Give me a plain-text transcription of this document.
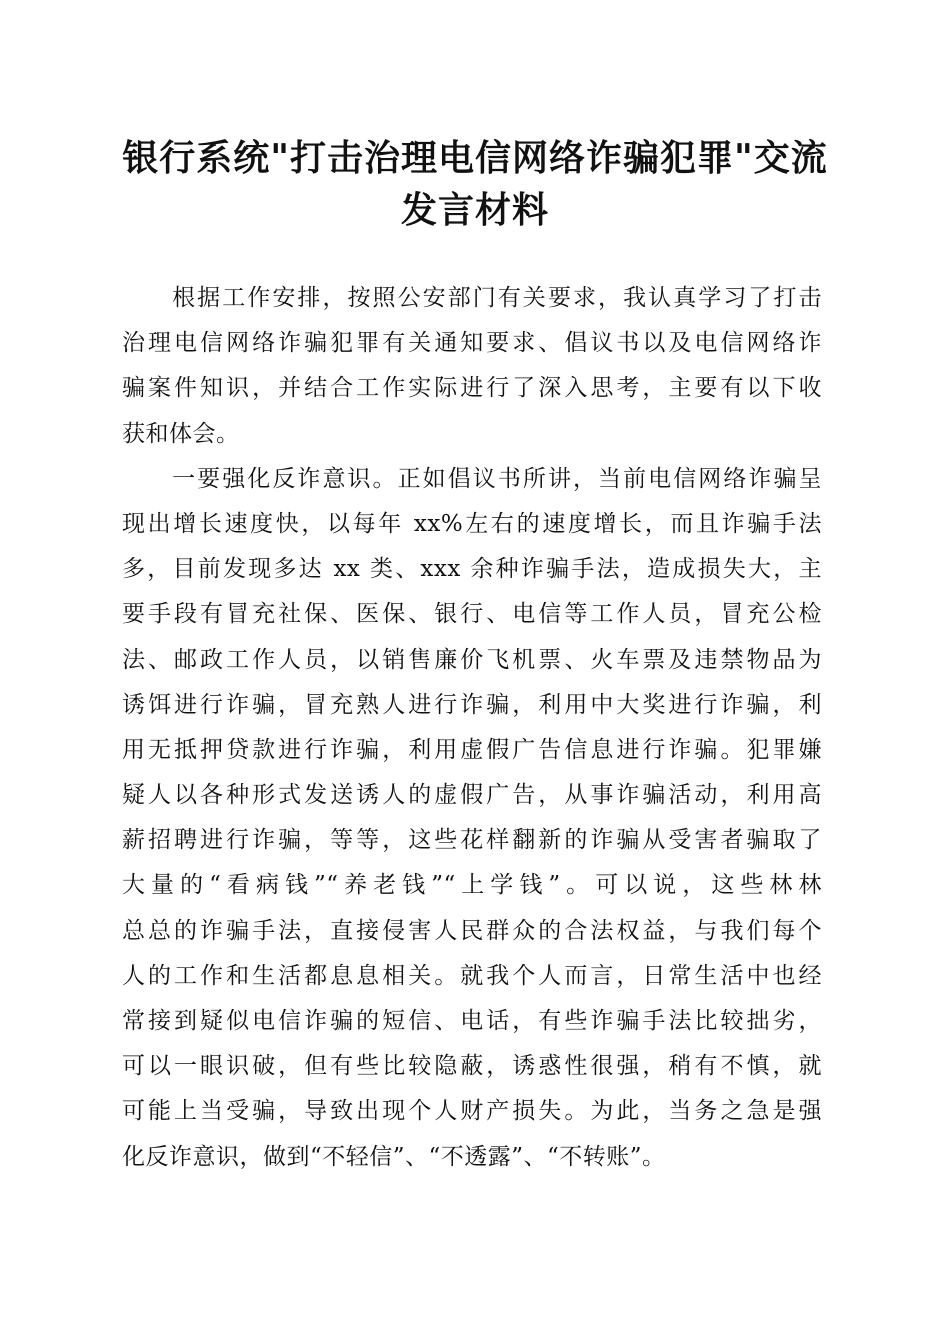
银行系统"打击治理电信网络诈骗犯罪"交流
发言材料
　　根据工作安排，按照公安部门有关要求，我认真学习了打击
治理电信网络诈骗犯罪有关通知要求、倡议书以及电信网络诈
骗案件知识，并结合工作实际进行了深入思考，主要有以下收
获和体会。
　　一要强化反诈意识。正如倡议书所讲，当前电信网络诈骗呈
现出增长速度快，以每年 xx%左右的速度增长，而且诈骗手法
多，目前发现多达 xx 类、xxx 余种诈骗手法，造成损失大，主
要手段有冒充社保、医保、银行、电信等工作人员，冒充公检
法、邮政工作人员，以销售廉价飞机票、火车票及违禁物品为
诱饵进行诈骗，冒充熟人进行诈骗，利用中大奖进行诈骗，利
用无抵押贷款进行诈骗，利用虚假广告信息进行诈骗。犯罪嫌
疑人以各种形式发送诱人的虚假广告，从事诈骗活动，利用高
薪招聘进行诈骗，等等，这些花样翻新的诈骗从受害者骗取了
大量的“看病钱”“养老钱”“上学钱”。可以说，这些林林
总总的诈骗手法，直接侵害人民群众的合法权益，与我们每个
人的工作和生活都息息相关。就我个人而言，日常生活中也经
常接到疑似电信诈骗的短信、电话，有些诈骗手法比较拙劣，
可以一眼识破，但有些比较隐蔽，诱惑性很强，稍有不慎，就
可能上当受骗，导致出现个人财产损失。为此，当务之急是强
化反诈意识，做到“不轻信”、“不透露”、“不转账”。
